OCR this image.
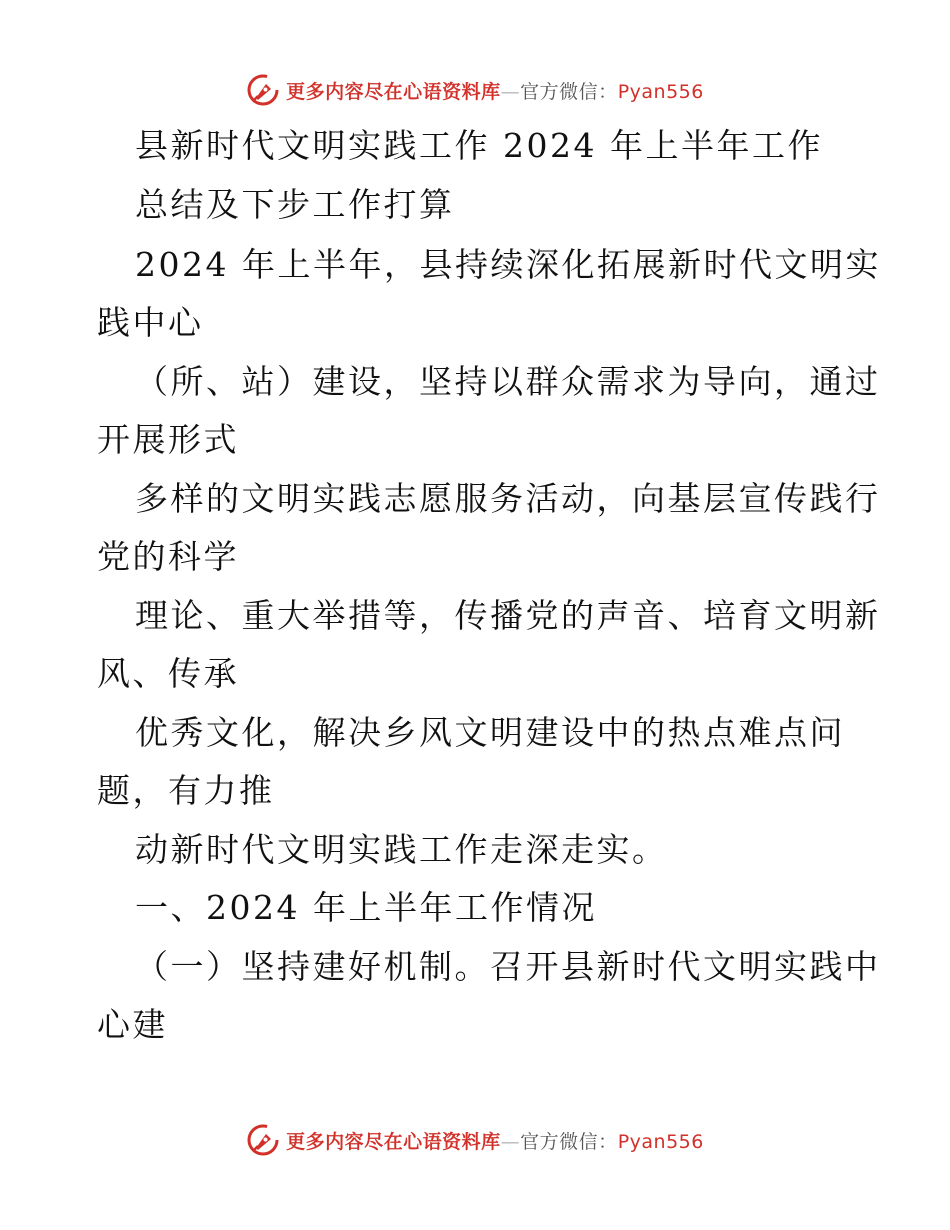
更多内容尽在心语资料库—官方微信：Pyan556
县新时代文明实践工作 2024 年上半年工作
总结及下步工作打算
2024 年上半年，县持续深化拓展新时代文明实
践中心
（所、站）建设，坚持以群众需求为导向，通过
开展形式
多样的文明实践志愿服务活动，向基层宣传践行
党的科学
理论、重大举措等，传播党的声音、培育文明新
风、传承
优秀文化，解决乡风文明建设中的热点难点问
题，有力推
动新时代文明实践工作走深走实。
一、2024 年上半年工作情况
（一）坚持建好机制。召开县新时代文明实践中
心建
更多内容尽在心语资料库—官方微信：Pyan556
